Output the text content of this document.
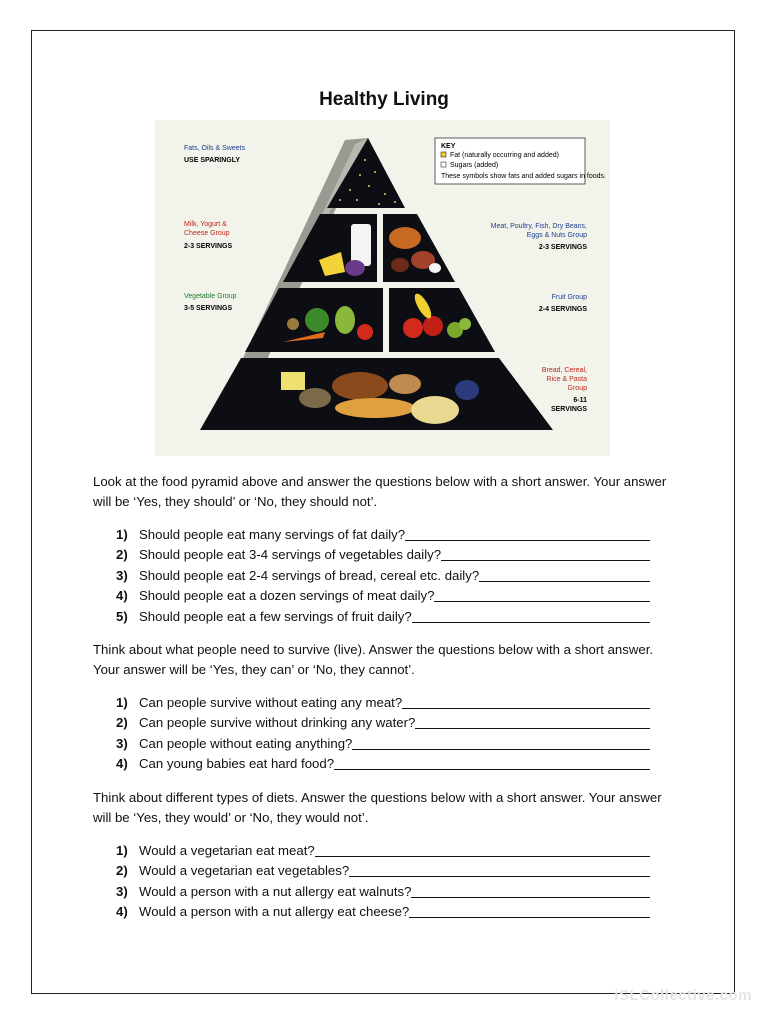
Healthy Living
KEY
Fat (naturally occurring and added)
Sugars (added)
These symbols show fats and added sugars in foods.
Fats, Oils & Sweets
USE SPARINGLY
Milk, Yogurt &
Cheese Group
2-3 SERVINGS
Vegetable Group
3-5 SERVINGS
Meat, Poultry, Fish, Dry Beans,
Eggs & Nuts Group
2-3 SERVINGS
Fruit Group
2-4 SERVINGS
Bread, Cereal,
Rice & Pasta
Group
6-11
SERVINGS
Look at the food pyramid above and answer the questions below with a short answer. Your answer will be ‘Yes, they should’ or ‘No, they should not’.
1) Should people eat many servings of fat daily?
2) Should people eat 3-4 servings of vegetables daily?
3) Should people eat 2-4 servings of bread, cereal etc. daily?
4) Should people eat a dozen servings of meat daily?
5) Should people eat a few servings of fruit daily?
Think about what people need to survive (live). Answer the questions below with a short answer. Your answer will be ‘Yes, they can’ or ‘No, they cannot’.
1) Can people survive without eating any meat?
2) Can people survive without drinking any water?
3) Can people without eating anything?
4) Can young babies eat hard food?
Think about different types of diets. Answer the questions below with a short answer. Your answer will be ‘Yes, they would’ or ‘No, they would not’.
1) Would a vegetarian eat meat?
2) Would a vegetarian eat vegetables?
3) Would a person with a nut allergy eat walnuts?
4) Would a person with a nut allergy eat cheese?
iSLCollective.com
